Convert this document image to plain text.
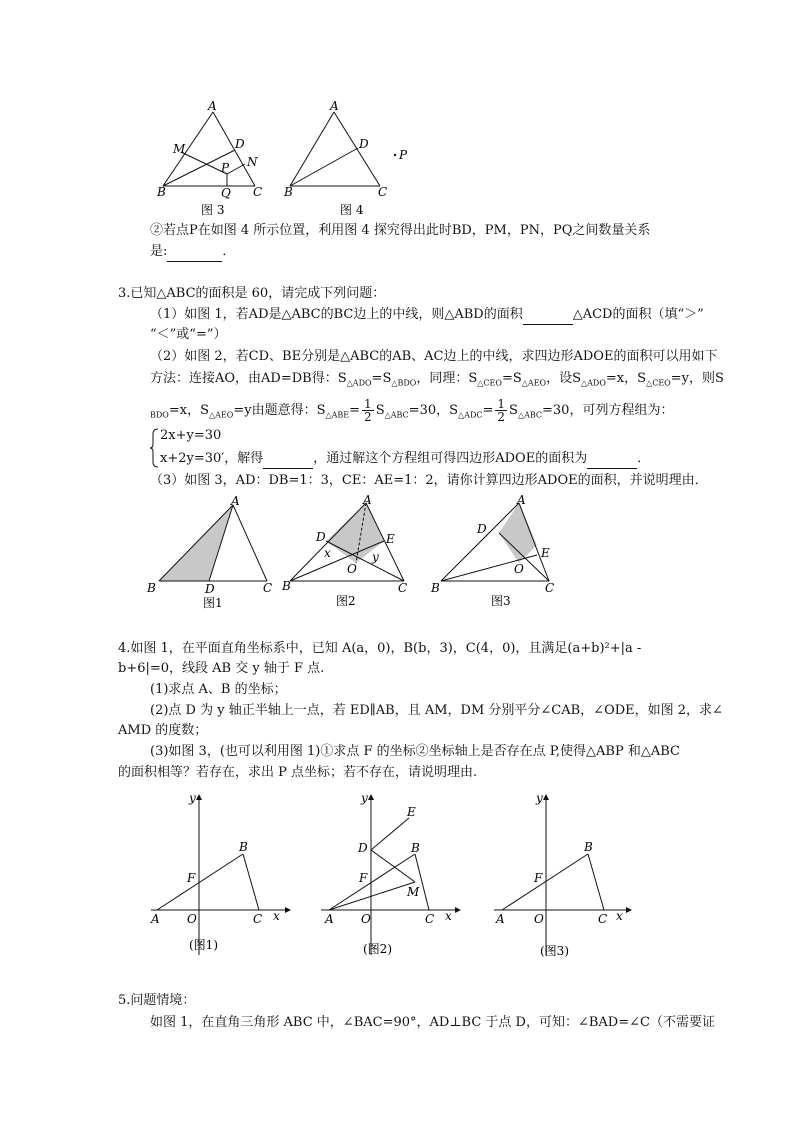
A
M	D
N
P
B	Q C
图 3
A
D
P
B	C
图 4
②若点P在如图 4 所示位置，利用图 4 探究得出此时BD，PM，PN，PQ之间数量关系
是:	．
3.已知△ABC的面积是 60，请完成下列问题：
（1）如图 1，若AD是△ABC的BC边上的中线，则△ABD的面积	△ACD的面积（填“＞”
“＜”或“=”）
（2）如图 2，若CD、BE分别是△ABC的AB、AC边上的中线，求四边形ADOE的面积可以用如下
方法：连接AO，由AD=DB得：$S_{\triangle ADO}=S_{\triangle BDO}$，同理：$S_{\triangle CEO}=S_{\triangle AEO}$，设$S_{\triangle ADO}=x$，$S_{\triangle CEO}=y$，则S
$_{BDO}$=x，$S_{\triangle AEO}=y$由题意得：$S_{\triangle ABE}= \frac{1}{2} S_{\triangle ABC}=30$，$S_{\triangle ADC}= \frac{1}{2} S_{\triangle ABC}=30$，可列方程组为：
2x+y=30
x+2y=30′，解得	，通过解这个方程组可得四边形ADOE的面积为	．
（3）如图 3，AD：DB=1：3，CE：AE=1：2，请你计算四边形ADOE的面积，并说明理由．
A
B	D	C
图1
A
D	E
x	y
O
B	C
图2
A
D
E
O
B	C
图3
4.如图 1，在平面直角坐标系中，已知 A(a，0)，B(b，3)，C(4，0)，且满足(a+b)²+|a -
b+6|=0，线段 AB 交 y 轴于 F 点.
(1)求点 A、B 的坐标；
(2)点 D 为 y 轴正半轴上一点，若 ED∥AB，且 AM，DM 分别平分∠CAB，∠ODE，如图 2，求∠
AMD 的度数；
(3)如图 3，(也可以利用图 1)①求点 F 的坐标②坐标轴上是否存在点 P,使得△ABP 和△ABC
的面积相等？若存在，求出 P 点坐标；若不存在，请说明理由.
y
x
F
B
A O	C
(图1)
y
x
E
D	B
F
M
A O	C
(图2)
y
x
F
B
A O	C
(图3)
5.问题情境：
如图 1，在直角三角形 ABC 中，∠BAC=90°，AD⊥BC 于点 D，可知：∠BAD=∠C（不需要证
